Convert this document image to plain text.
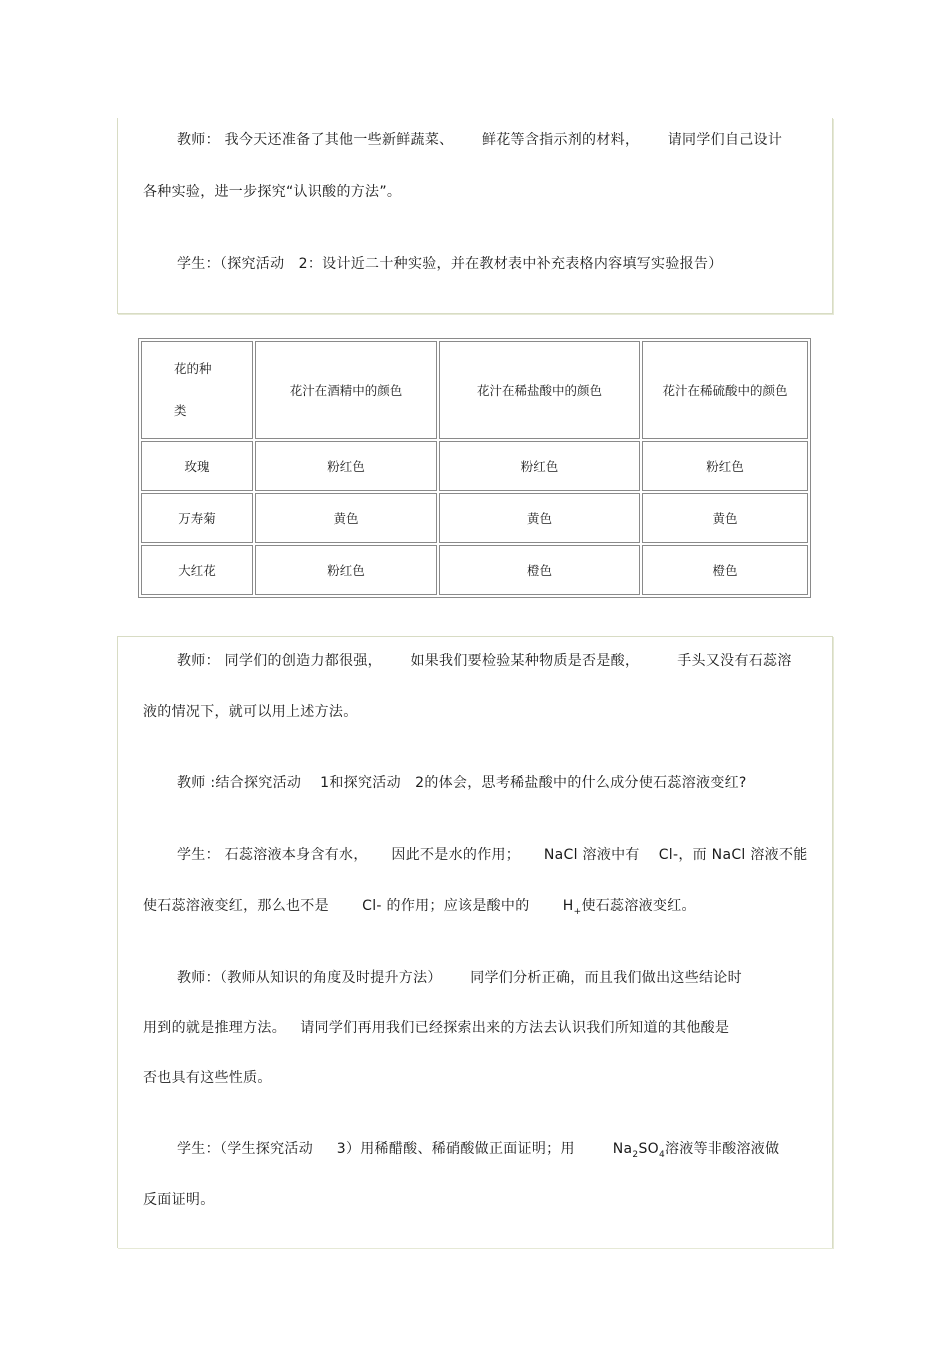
教师： 我今天还准备了其他一些新鲜蔬菜、      鲜花等含指示剂的材料，      请同学们自己设计
各种实验，进一步探究“认识酸的方法”。
学生：（探究活动   2：设计近二十种实验，并在教材表中补充表格内容填写实验报告）
花的种
类	花汁在酒精中的颜色	花汁在稀盐酸中的颜色	花汁在稀硫酸中的颜色
玫瑰	粉红色	粉红色	粉红色
万寿菊	黄色	黄色	黄色
大红花	粉红色	橙色	橙色
教师： 同学们的创造力都很强，      如果我们要检验某种物质是否是酸，        手头又没有石蕊溶
液的情况下，就可以用上述方法。
教师 :结合探究活动    1和探究活动   2的体会，思考稀盐酸中的什么成分使石蕊溶液变红?
学生： 石蕊溶液本身含有水，     因此不是水的作用；     NaCl 溶液中有    Cl-，而 NaCl 溶液不能
使石蕊溶液变红，那么也不是       Cl- 的作用；应该是酸中的       $H_+$使石蕊溶液变红。
教师：（教师从知识的角度及时提升方法）      同学们分析正确，而且我们做出这些结论时
用到的就是推理方法。   请同学们再用我们已经探索出来的方法去认识我们所知道的其他酸是
否也具有这些性质。
学生：（学生探究活动     3）用稀醋酸、稀硝酸做正面证明；用        $Na_2SO_4$溶液等非酸溶液做
反面证明。
